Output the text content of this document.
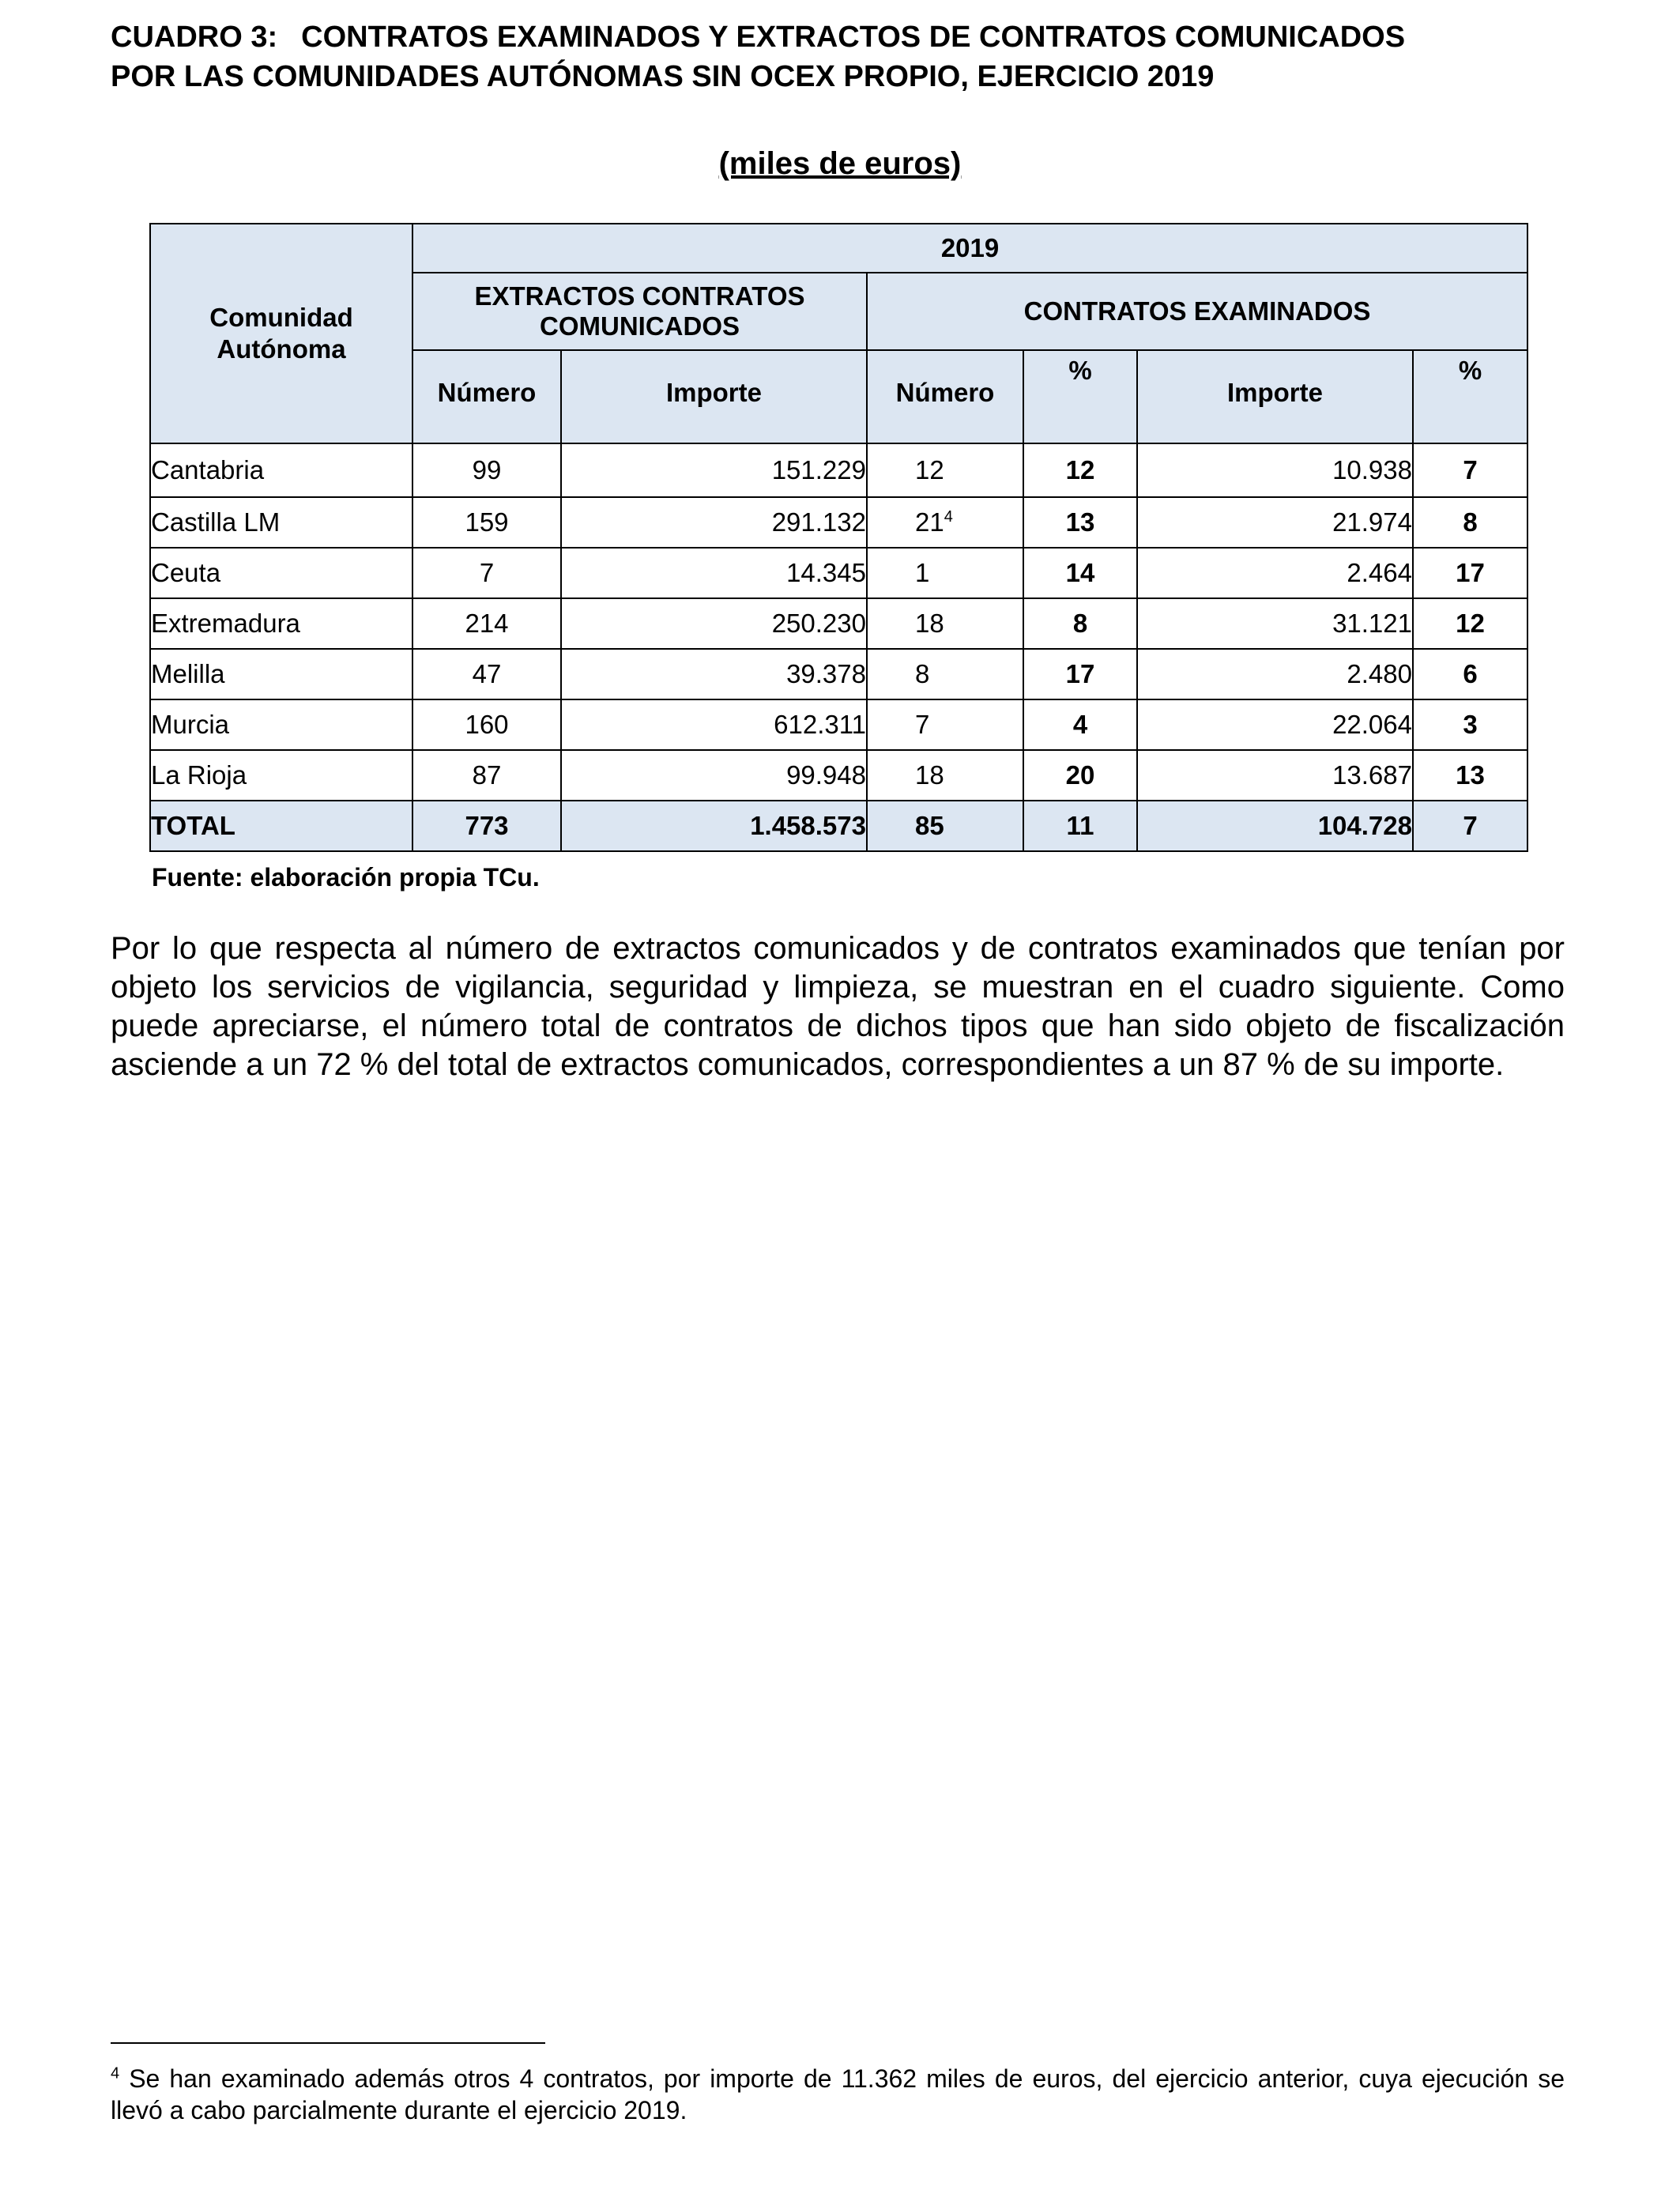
CUADRO 3: CONTRATOS EXAMINADOS Y EXTRACTOS DE CONTRATOS COMUNICADOS
POR LAS COMUNIDADES AUTÓNOMAS SIN OCEX PROPIO, EJERCICIO 2019
(miles de euros)
Comunidad Autónoma	2019					
	EXTRACTOS CONTRATOS COMUNICADOS		CONTRATOS EXAMINADOS			
	Número	Importe	Número	%	Importe	%
Cantabria	99	151.229	12	12	10.938	7
Castilla LM	159	291.132	$21^4$	13	21.974	8
Ceuta	7	14.345	1	14	2.464	17
Extremadura	214	250.230	18	8	31.121	12
Melilla	47	39.378	8	17	2.480	6
Murcia	160	612.311	7	4	22.064	3
La Rioja	87	99.948	18	20	13.687	13
TOTAL	773	1.458.573	85	11	104.728	7
Fuente: elaboración propia TCu.
Por lo que respecta al número de extractos comunicados y de contratos examinados que tenían por objeto los servicios de vigilancia, seguridad y limpieza, se muestran en el cuadro siguiente. Como puede apreciarse, el número total de contratos de dichos tipos que han sido objeto de fiscalización asciende a un 72 % del total de extractos comunicados, correspondientes a un 87 % de su importe.
$^4$ Se han examinado además otros 4 contratos, por importe de 11.362 miles de euros, del ejercicio anterior, cuya ejecución se llevó a cabo parcialmente durante el ejercicio 2019.
